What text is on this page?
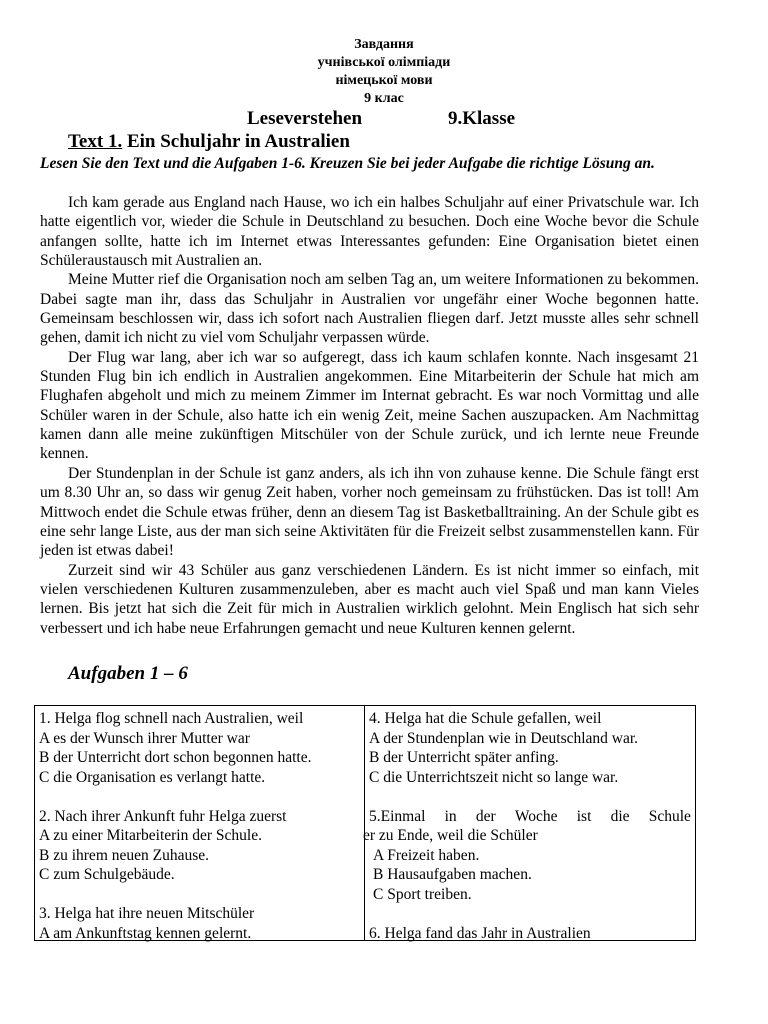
Завдання
учнівської олімпіади
німецької мови
9 клас
Leseverstehen	9.Klasse
Text 1. Ein Schuljahr in Australien
Lesen Sie den Text und die Aufgaben 1-6. Kreuzen Sie bei jeder Aufgabe die richtige Lösung an.

Ich kam gerade aus England nach Hause, wo ich ein halbes Schuljahr auf einer Privatschule war. Ich hatte eigentlich vor, wieder die Schule in Deutschland zu besuchen. Doch eine Woche bevor die Schule anfangen sollte, hatte ich im Internet etwas Interessantes gefunden: Eine Organisation bietet einen Schüleraustausch mit Australien an.

Meine Mutter rief die Organisation noch am selben Tag an, um weitere Informationen zu bekommen. Dabei sagte man ihr, dass das Schuljahr in Australien vor ungefähr einer Woche begonnen hatte. Gemeinsam beschlossen wir, dass ich sofort nach Australien fliegen darf. Jetzt musste alles sehr schnell gehen, damit ich nicht zu viel vom Schuljahr verpassen würde.

Der Flug war lang, aber ich war so aufgeregt, dass ich kaum schlafen konnte. Nach insgesamt 21 Stunden Flug bin ich endlich in Australien angekommen. Eine Mitarbeiterin der Schule hat mich am Flughafen abgeholt und mich zu meinem Zimmer im Internat gebracht. Es war noch Vormittag und alle Schüler waren in der Schule, also hatte ich ein wenig Zeit, meine Sachen auszupacken. Am Nachmittag kamen dann alle meine zukünftigen Mitschüler von der Schule zurück, und ich lernte neue Freunde kennen.

Der Stundenplan in der Schule ist ganz anders, als ich ihn von zuhause kenne. Die Schule fängt erst um 8.30 Uhr an, so dass wir genug Zeit haben, vorher noch gemeinsam zu frühstücken. Das ist toll! Am Mittwoch endet die Schule etwas früher, denn an diesem Tag ist Basketballtraining. An der Schule gibt es eine sehr lange Liste, aus der man sich seine Aktivitäten für die Freizeit selbst zusammenstellen kann. Für jeden ist etwas dabei!

Zurzeit sind wir 43 Schüler aus ganz verschiedenen Ländern. Es ist nicht immer so einfach, mit vielen verschiedenen Kulturen zusammenzuleben, aber es macht auch viel Spaß und man kann Vieles lernen. Bis jetzt hat sich die Zeit für mich in Australien wirklich gelohnt. Mein Englisch hat sich sehr verbessert und ich habe neue Erfahrungen gemacht und neue Kulturen kennen gelernt.

Aufgaben 1 – 6
1. Helga flog schnell nach Australien, weil
A es der Wunsch ihrer Mutter war
B der Unterricht dort schon begonnen hatte.
C die Organisation es verlangt hatte.
2. Nach ihrer Ankunft fuhr Helga zuerst
A zu einer Mitarbeiterin der Schule.
B zu ihrem neuen Zuhause.
C zum Schulgebäude.
3. Helga hat ihre neuen Mitschüler
A am Ankunftstag kennen gelernt.
4. Helga hat die Schule gefallen, weil
A der Stundenplan wie in Deutschland war.
B der Unterricht später anfing.
C die Unterrichtszeit nicht so lange war.
5.Einmal in der Woche ist die Schule
er zu Ende, weil die Schüler
A Freizeit haben.
B Hausaufgaben machen.
C Sport treiben.
6. Helga fand das Jahr in Australien
